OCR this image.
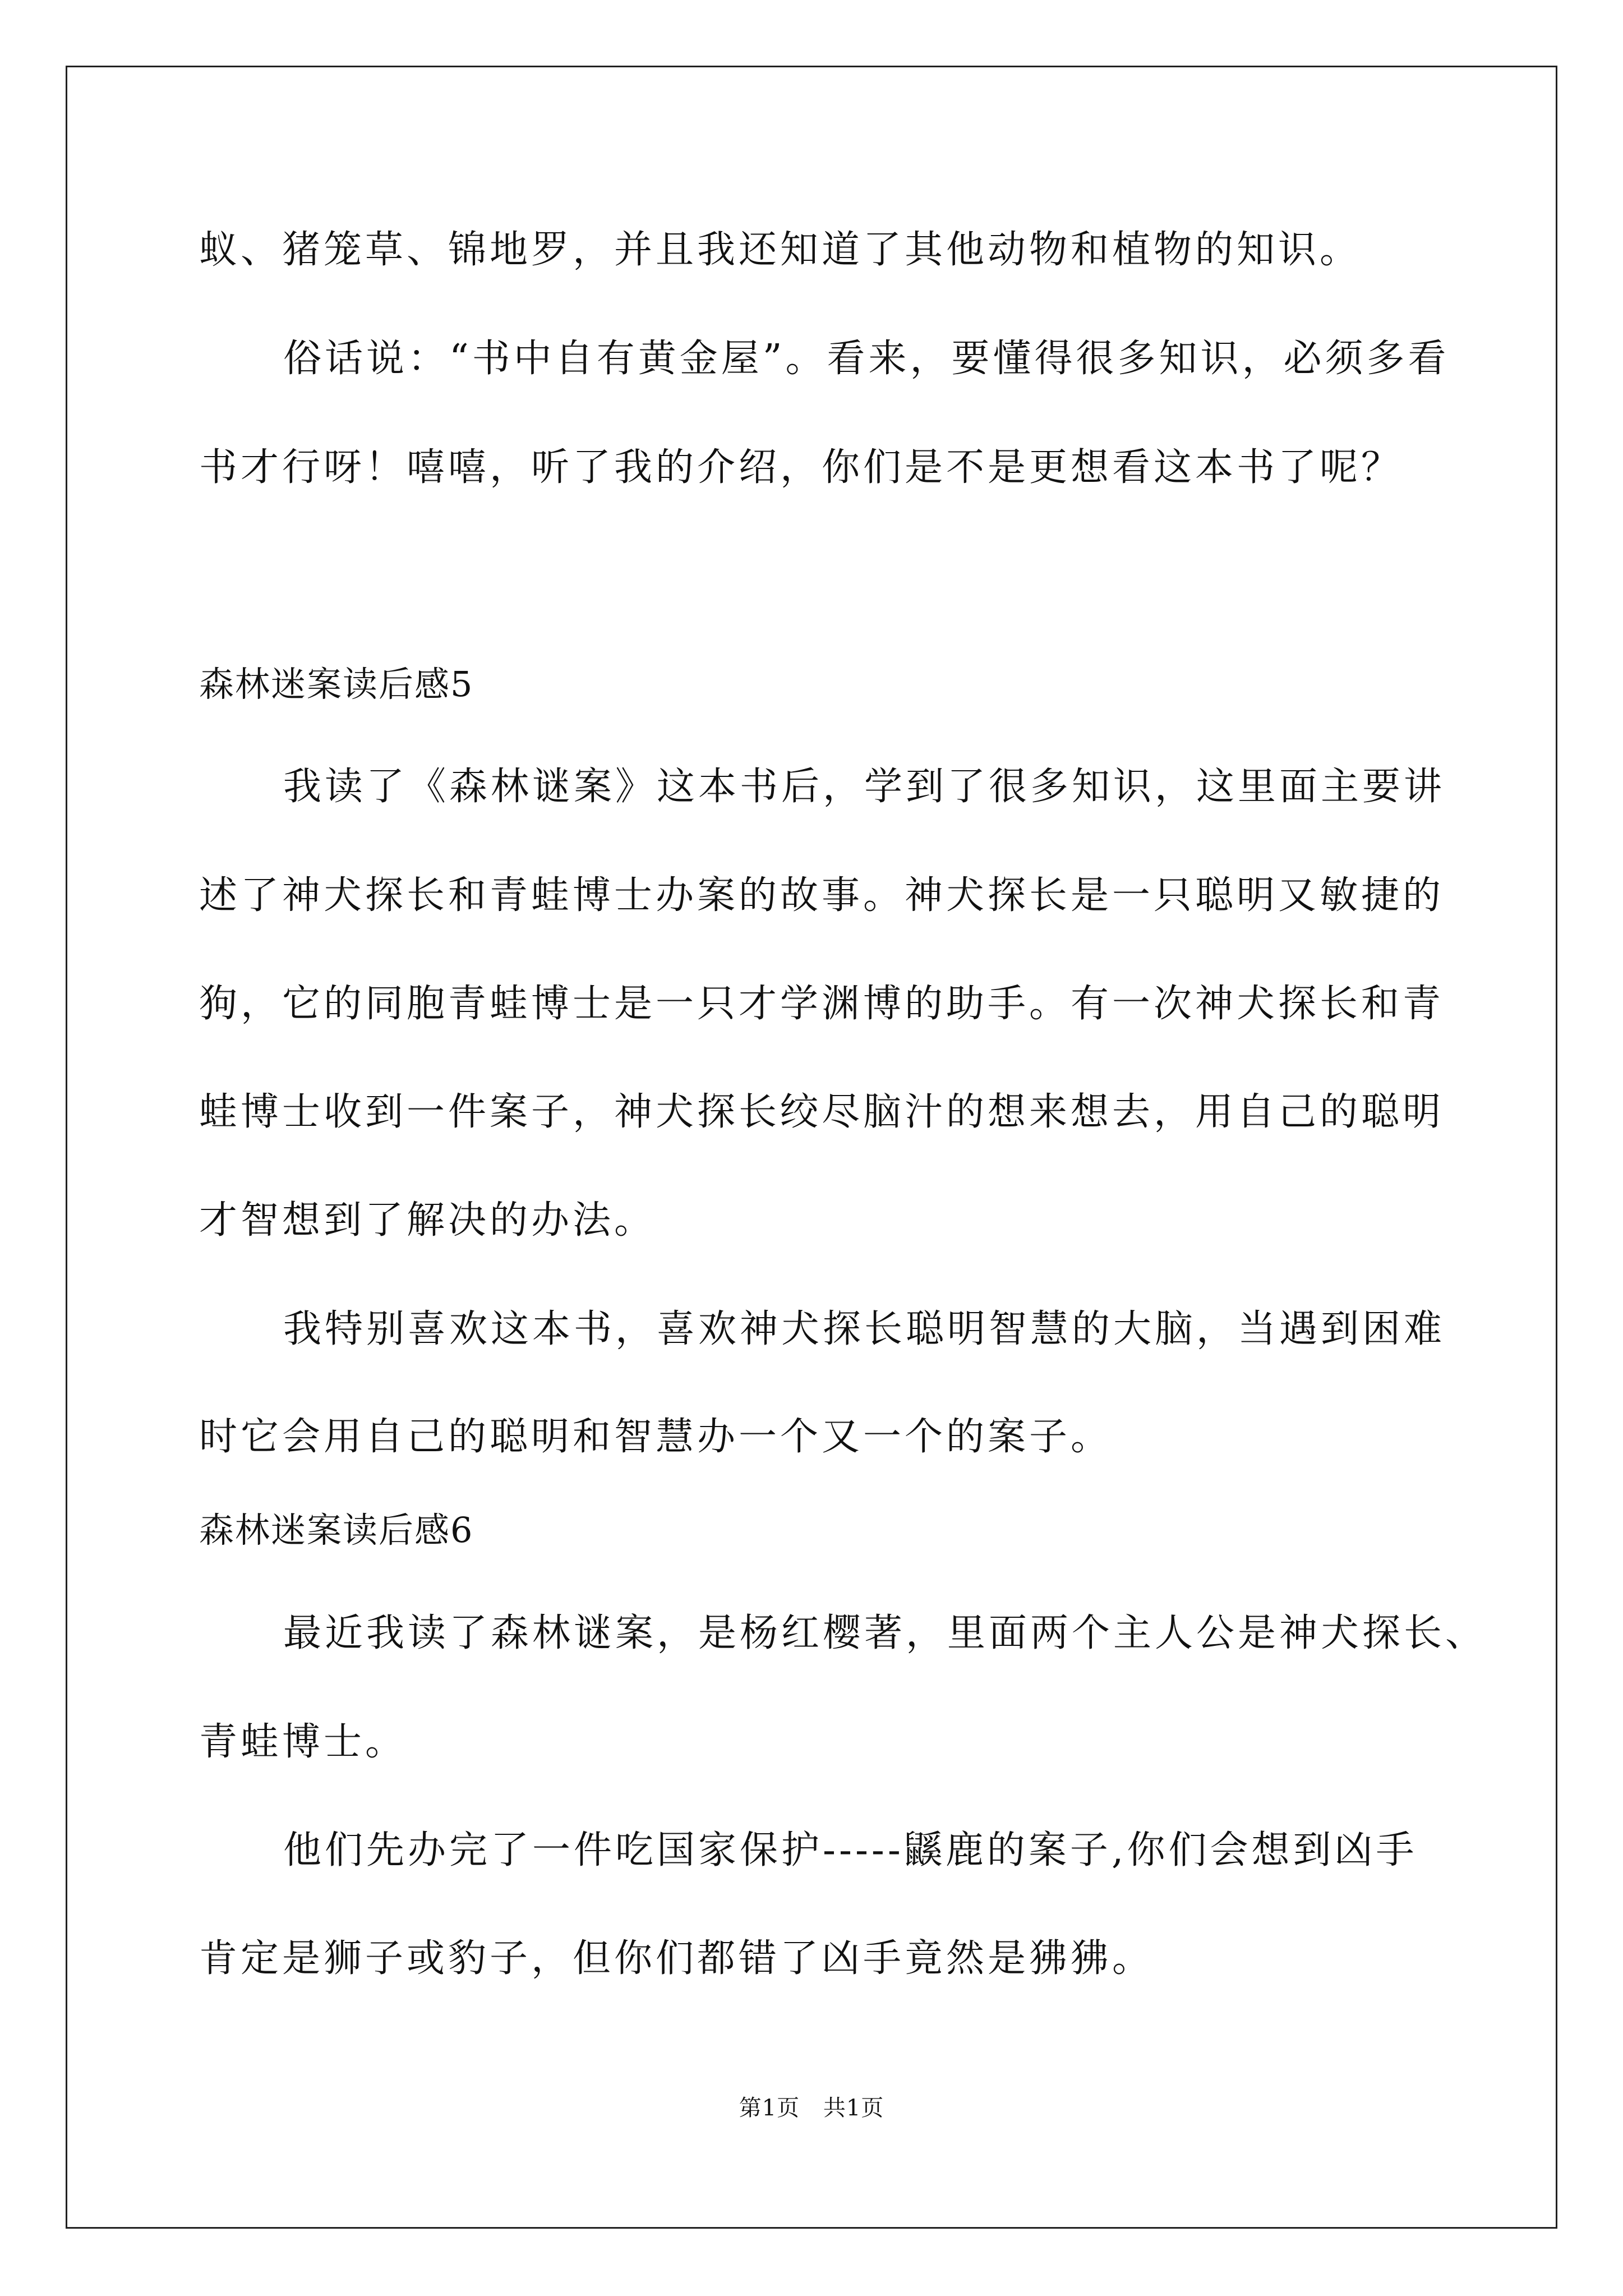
蚁、猪笼草、锦地罗，并且我还知道了其他动物和植物的知识。
俗话说：“书中自有黄金屋”。看来，要懂得很多知识，必须多看
书才行呀！嘻嘻，听了我的介绍，你们是不是更想看这本书了呢？
森林迷案读后感5
我读了《森林谜案》这本书后，学到了很多知识，这里面主要讲
述了神犬探长和青蛙博士办案的故事。神犬探长是一只聪明又敏捷的
狗，它的同胞青蛙博士是一只才学渊博的助手。有一次神犬探长和青
蛙博士收到一件案子，神犬探长绞尽脑汁的想来想去，用自己的聪明
才智想到了解决的办法。
我特别喜欢这本书，喜欢神犬探长聪明智慧的大脑，当遇到困难
时它会用自己的聪明和智慧办一个又一个的案子。
森林迷案读后感6
最近我读了森林谜案，是杨红樱著，里面两个主人公是神犬探长、
青蛙博士。
他们先办完了一件吃国家保护-----鼷鹿的案子,你们会想到凶手
肯定是狮子或豹子，但你们都错了凶手竟然是狒狒。
第1页 共1页
